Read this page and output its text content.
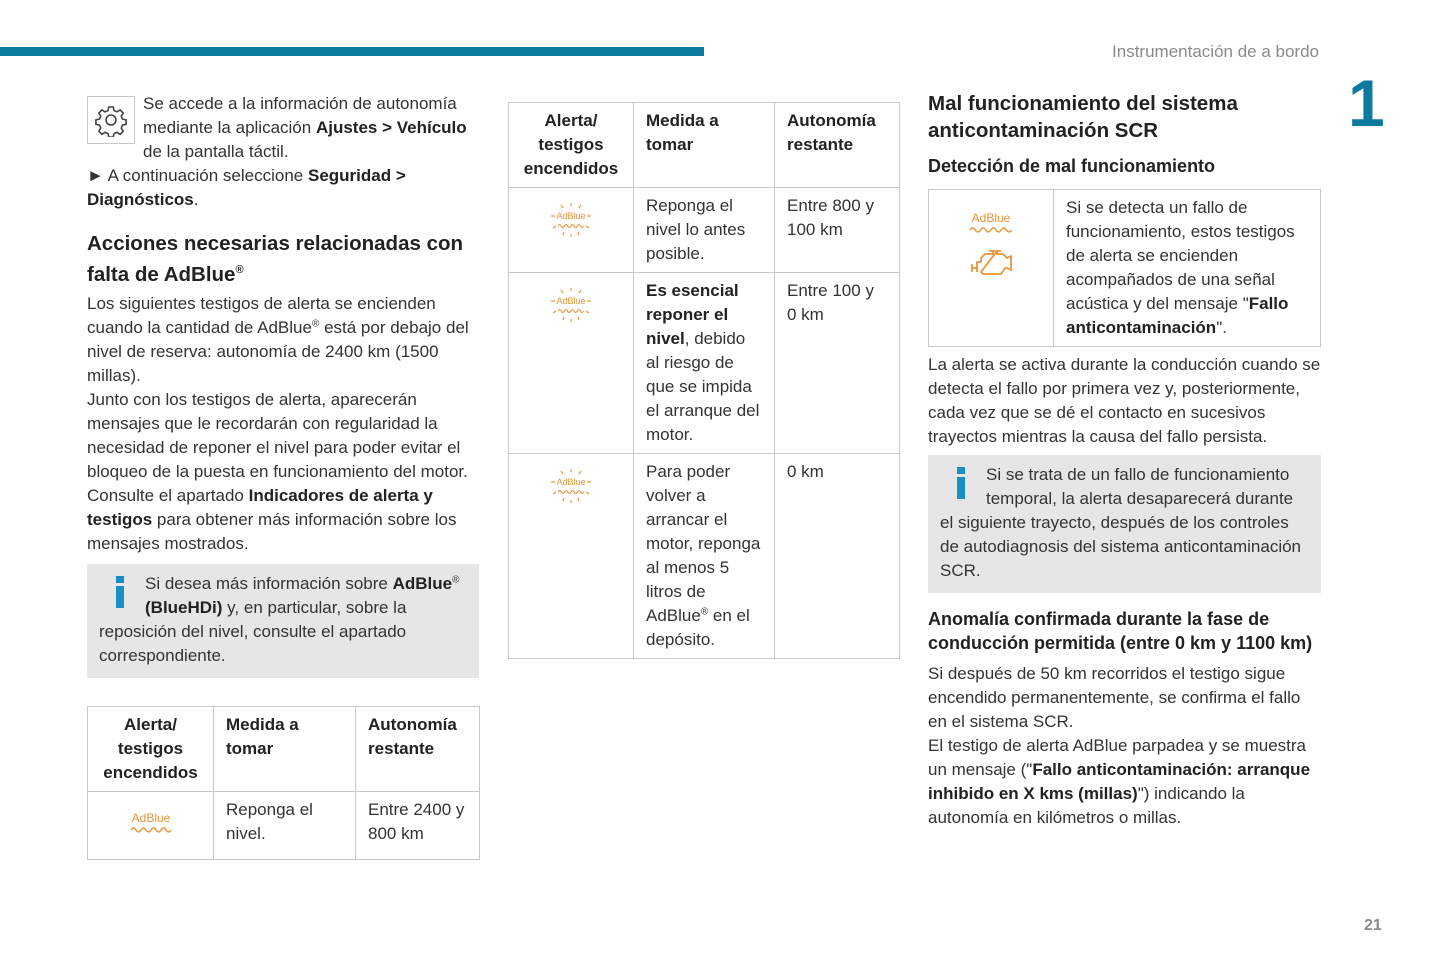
Instrumentación de a bordo
1
21

Se accede a la información de autonomía mediante la aplicación Ajustes > Vehículo de la pantalla táctil.
► A continuación seleccione Seguridad > Diagnósticos.

Acciones necesarias relacionadas con falta de AdBlue®

Los siguientes testigos de alerta se encienden cuando la cantidad de AdBlue® está por debajo del nivel de reserva: autonomía de 2400 km (1500 millas).

Junto con los testigos de alerta, aparecerán mensajes que le recordarán con regularidad la necesidad de reponer el nivel para poder evitar el bloqueo de la puesta en funcionamiento del motor. Consulte el apartado Indicadores de alerta y testigos para obtener más información sobre los mensajes mostrados.

Si desea más información sobre AdBlue® (BlueHDi) y, en particular, sobre la reposición del nivel, consulte el apartado correspondiente.

Alerta/ testigos encendidos	Medida a tomar	Autonomía restante

AdBlue	Reponga el nivel.	Entre 2400 y 800 km
Alerta/ testigos encendidos	Medida a tomar	Autonomía restante

AdBlue	Reponga el nivel lo antes posible.	Entre 800 y 100 km

AdBlue	Es esencial reponer el nivel, debido al riesgo de que se impida el arranque del motor.	Entre 100 y 0 km

AdBlue	Para poder volver a arrancar el motor, reponga al menos 5 litros de AdBlue® en el depósito.	0 km
Mal funcionamiento del sistema anticontaminación SCR
Detección de mal funcionamiento
AdBlue
	Si se detecta un fallo de funcionamiento, estos testigos de alerta se encienden acompañados de una señal acústica y del mensaje "Fallo anticontaminación".

La alerta se activa durante la conducción cuando se detecta el fallo por primera vez y, posteriormente, cada vez que se dé el contacto en sucesivos trayectos mientras la causa del fallo persista.

Si se trata de un fallo de funcionamiento temporal, la alerta desaparecerá durante el siguiente trayecto, después de los controles de autodiagnosis del sistema anticontaminación SCR.

Anomalía confirmada durante la fase de conducción permitida (entre 0 km y 1100 km)

Si después de 50 km recorridos el testigo sigue encendido permanentemente, se confirma el fallo en el sistema SCR.

El testigo de alerta AdBlue parpadea y se muestra un mensaje ("Fallo anticontaminación: arranque inhibido en X kms (millas)") indicando la autonomía en kilómetros o millas.
